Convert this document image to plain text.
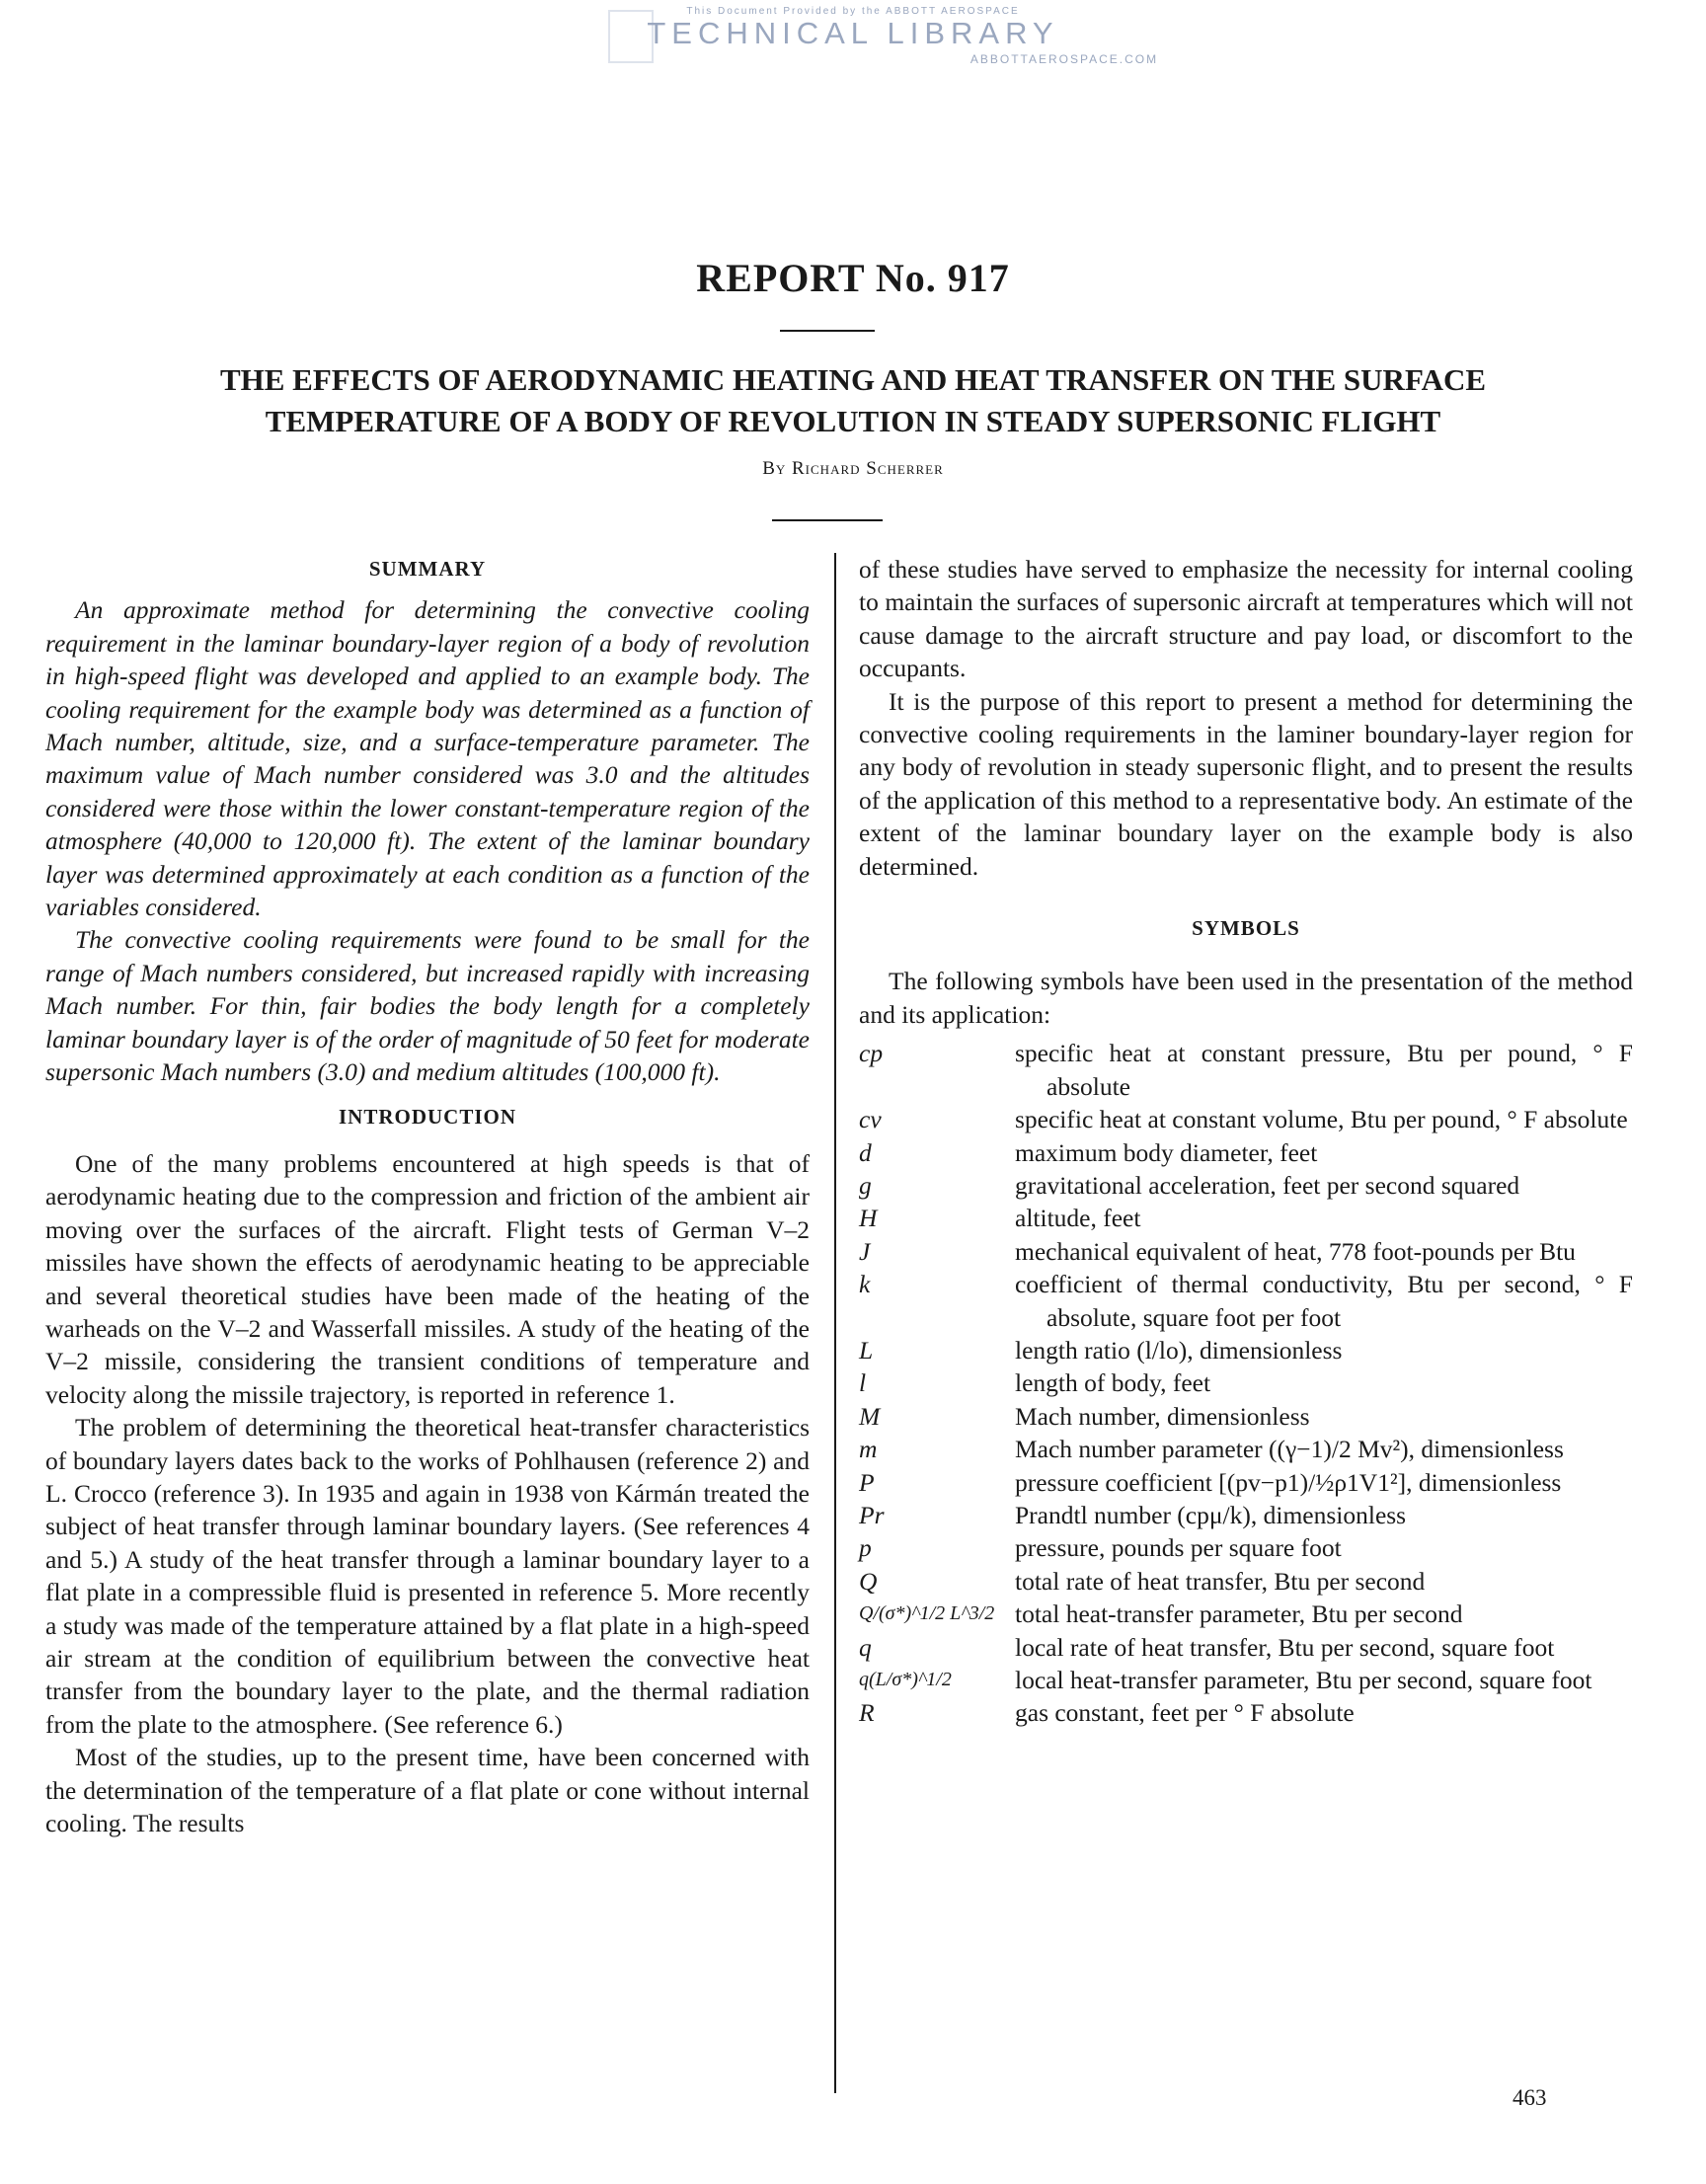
This Document Provided by the ABBOTT AEROSPACE
TECHNICAL LIBRARY
ABBOTTAEROSPACE.COM
REPORT No. 917
THE EFFECTS OF AERODYNAMIC HEATING AND HEAT TRANSFER ON THE SURFACE
TEMPERATURE OF A BODY OF REVOLUTION IN STEADY SUPERSONIC FLIGHT
By Richard Scherrer

SUMMARY

An approximate method for determining the convective cooling requirement in the laminar boundary-layer region of a body of revolution in high-speed flight was developed and applied to an example body. The cooling requirement for the example body was determined as a function of Mach number, altitude, size, and a surface-temperature parameter. The maximum value of Mach number considered was 3.0 and the altitudes considered were those within the lower constant-temperature region of the atmosphere (40,000 to 120,000 ft). The extent of the laminar boundary layer was determined approximately at each condition as a function of the variables considered.

The convective cooling requirements were found to be small for the range of Mach numbers considered, but increased rapidly with increasing Mach number. For thin, fair bodies the body length for a completely laminar boundary layer is of the order of magnitude of 50 feet for moderate supersonic Mach numbers (3.0) and medium altitudes (100,000 ft).

INTRODUCTION

One of the many problems encountered at high speeds is that of aerodynamic heating due to the compression and friction of the ambient air moving over the surfaces of the aircraft. Flight tests of German V–2 missiles have shown the effects of aerodynamic heating to be appreciable and several theoretical studies have been made of the heating of the warheads on the V–2 and Wasserfall missiles. A study of the heating of the V–2 missile, considering the transient conditions of temperature and velocity along the missile trajectory, is reported in reference 1.

The problem of determining the theoretical heat-transfer characteristics of boundary layers dates back to the works of Pohlhausen (reference 2) and L. Crocco (reference 3). In 1935 and again in 1938 von Kármán treated the subject of heat transfer through laminar boundary layers. (See references 4 and 5.) A study of the heat transfer through a laminar boundary layer to a flat plate in a compressible fluid is presented in reference 5. More recently a study was made of the temperature attained by a flat plate in a high-speed air stream at the condition of equilibrium between the convective heat transfer from the boundary layer to the plate, and the thermal radiation from the plate to the atmosphere. (See reference 6.)

Most of the studies, up to the present time, have been concerned with the determination of the temperature of a flat plate or cone without internal cooling. The results

of these studies have served to emphasize the necessity for internal cooling to maintain the surfaces of supersonic aircraft at temperatures which will not cause damage to the aircraft structure and pay load, or discomfort to the occupants.

It is the purpose of this report to present a method for determining the convective cooling requirements in the laminer boundary-layer region for any body of revolution in steady supersonic flight, and to present the results of the application of this method to a representative body. An estimate of the extent of the laminar boundary layer on the example body is also determined.

SYMBOLS

The following symbols have been used in the presentation of the method and its application:

cp	specific heat at constant pressure, Btu per pound, ° F absolute

cv	specific heat at constant volume, Btu per pound, ° F absolute

d	maximum body diameter, feet

g	gravitational acceleration, feet per second squared

H	altitude, feet

J	mechanical equivalent of heat, 778 foot-pounds per Btu

k	coefficient of thermal conductivity, Btu per second, ° F absolute, square foot per foot

L	length ratio (l/lo), dimensionless

l	length of body, feet

M	Mach number, dimensionless

m	Mach number parameter ((γ−1)/2 Mv²), dimensionless

P	pressure coefficient [(pv−p1)/½ρ1V1²], dimensionless

Pr	Prandtl number (cpμ/k), dimensionless

p	pressure, pounds per square foot

Q	total rate of heat transfer, Btu per second

Q/(σ*)^1/2 L^3/2	total heat-transfer parameter, Btu per second

q	local rate of heat transfer, Btu per second, square foot

q(L/σ*)^1/2	local heat-transfer parameter, Btu per second, square foot

R	gas constant, feet per ° F absolute
463
